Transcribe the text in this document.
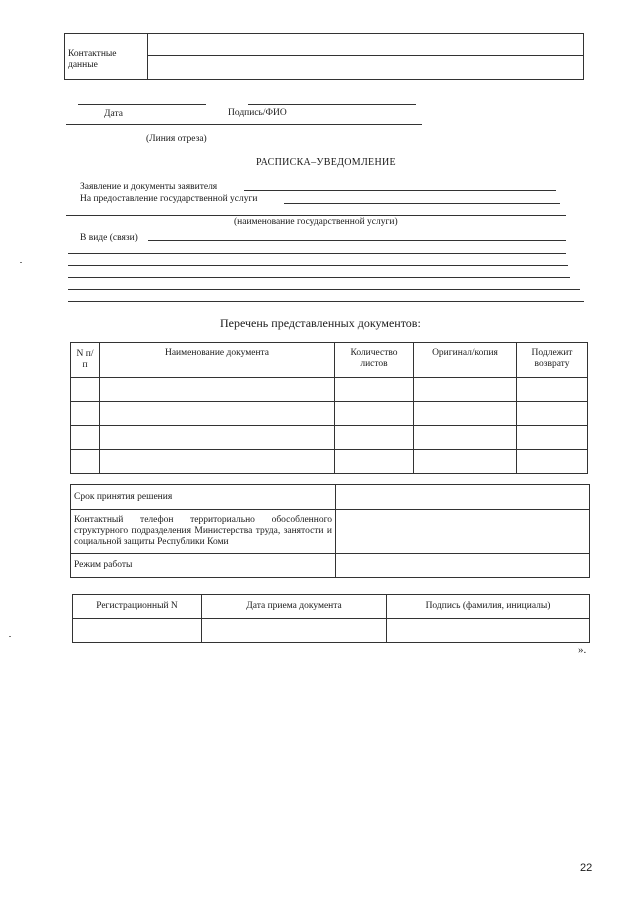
Контактные данные	

Дата	Подпись/ФИО
(Линия отреза)
РАСПИСКА–УВЕДОМЛЕНИЕ
Заявление и документы заявителя
На предоставление государственной услуги
(наименование государственной услуги)
В виде (связи)
Перечень представленных документов:
N п/п	Наименование документа	Количество листов	Оригинал/копия	Подлежит возврату

Срок принятия решения	
Контактный телефон территориально обособленного структурного подразделения Министерства труда, занятости и социальной защиты Республики Коми	
Режим работы	
Регистрационный N	Дата приема документа	Подпись (фамилия, инициалы)

».
22
